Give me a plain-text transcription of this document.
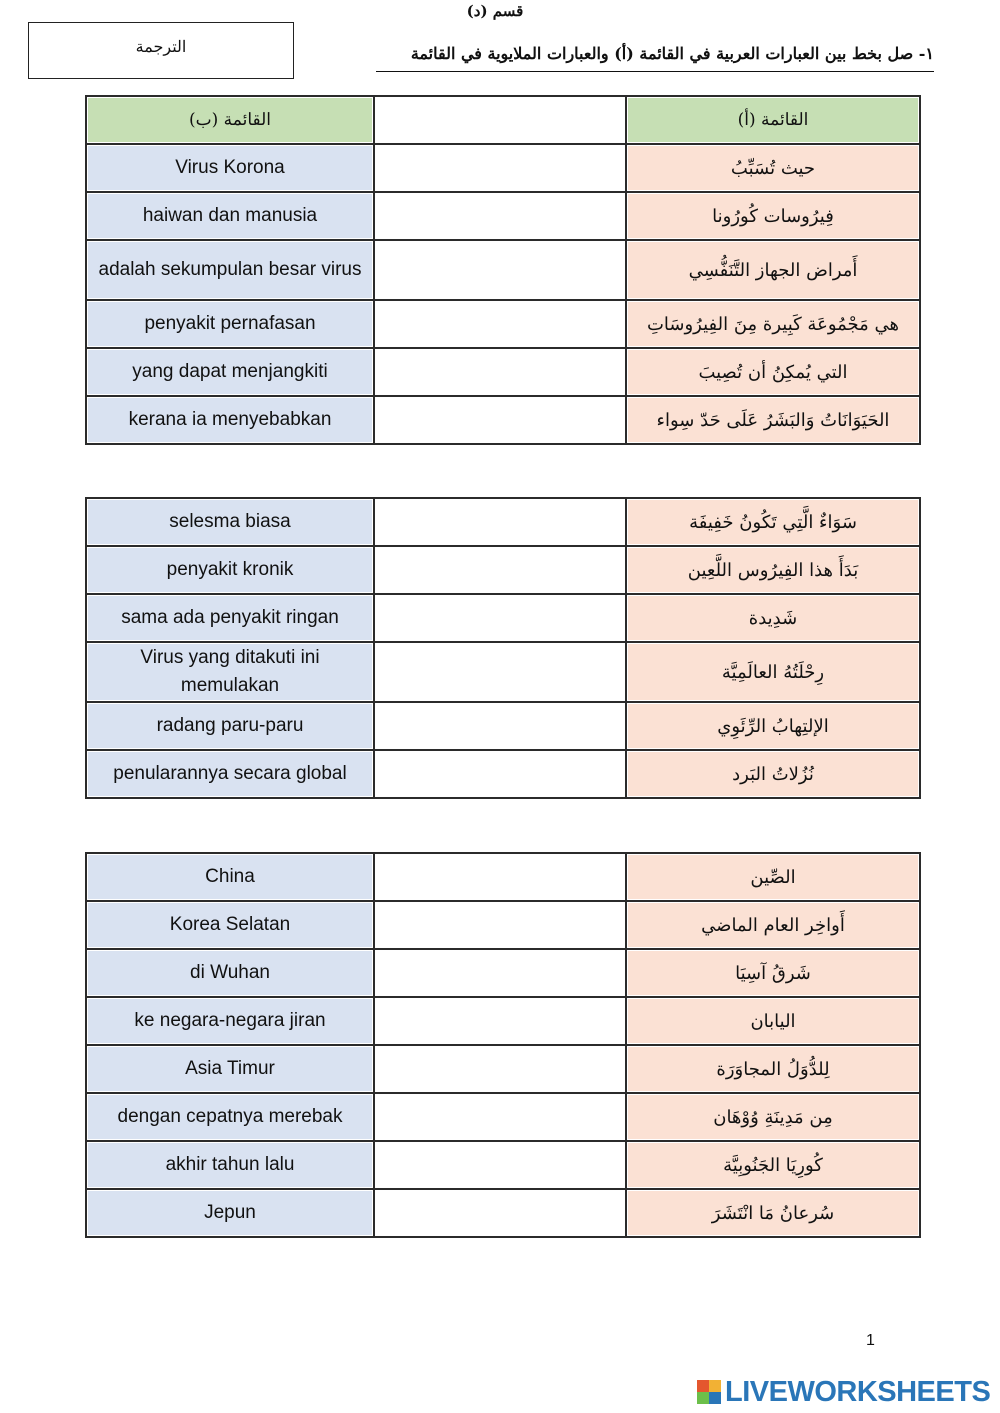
قسم (د)
الترجمة	١- صل بخط بين العبارات العربية في القائمة (أ) والعبارات الملايوية في القائمة
القائمة (ب)		القائمة (أ)
Virus Korona		حيث تُسَبِّبُ
haiwan dan manusia		فِيرُوسات كُورُونا
adalah sekumpulan besar virus		أَمراض الجهاز التَّنَفُّسِي
penyakit pernafasan		هي مَجْمُوعَة كَبِيرة مِنَ الفِيرُوسَاتِ
yang dapat menjangkiti		التي يُمكِنُ أن تُصِيبَ
kerana ia menyebabkan		الحَيَوَانَاتُ وَالبَشَرُ عَلَى حَدّ سِواء
selesma biasa		سَوَاءٌ الَّتِي تَكُونُ خَفِيفَة
penyakit kronik		بَدَأَ هذا الفِيرُوس اللَّعِين
sama ada penyakit ringan		شَدِيدة
Virus yang ditakuti ini memulakan		رِحْلَتُهُ العالَمِيَّة
radang paru-paru		الإلتِهابُ الرِّئَوِي
penularannya secara global		نُزُلاتُ البَرد
China		الصِّين
Korea Selatan		أَواخِر العام الماضي
di Wuhan		شَرقُ آسِيَا
ke negara-negara jiran		اليابان
Asia Timur		لِلدُّوَلُ المجاوَرَة
dengan cepatnya merebak		مِن مَدِينَةِ وُوْهَان
akhir tahun lalu		كُورِيَا الجَنُوبِيَّة
Jepun		سُرعانُ مَا انْتَشَرَ
1
LIVEWORKSHEETS
